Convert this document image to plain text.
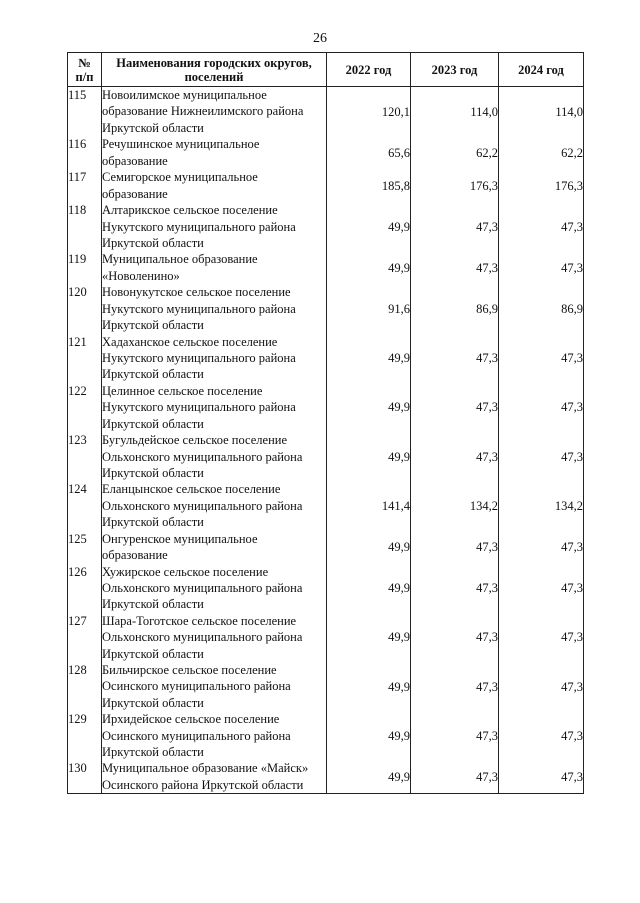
26
№
п/п	Наименования городских округов,
поселений	2022 год	2023 год	2024 год
115	Новоилимское муниципальное
образование Нижнеилимского района
Иркутской области	120,1	114,0	114,0
116	Речушинское муниципальное
образование	65,6	62,2	62,2
117	Семигорское муниципальное
образование	185,8	176,3	176,3
118	Алтарикское сельское поселение
Нукутского муниципального района
Иркутской области	49,9	47,3	47,3
119	Муниципальное образование
«Новоленино»	49,9	47,3	47,3
120	Новонукутское сельское поселение
Нукутского муниципального района
Иркутской области	91,6	86,9	86,9
121	Хадаханское сельское поселение
Нукутского муниципального района
Иркутской области	49,9	47,3	47,3
122	Целинное сельское поселение
Нукутского муниципального района
Иркутской области	49,9	47,3	47,3
123	Бугульдейское сельское поселение
Ольхонского муниципального района
Иркутской области	49,9	47,3	47,3
124	Еланцынское сельское поселение
Ольхонского муниципального района
Иркутской области	141,4	134,2	134,2
125	Онгуренское муниципальное
образование	49,9	47,3	47,3
126	Хужирское сельское поселение
Ольхонского муниципального района
Иркутской области	49,9	47,3	47,3
127	Шара-Тоготское сельское поселение
Ольхонского муниципального района
Иркутской области	49,9	47,3	47,3
128	Бильчирское сельское поселение
Осинского муниципального района
Иркутской области	49,9	47,3	47,3
129	Ирхидейское сельское поселение
Осинского муниципального района
Иркутской области	49,9	47,3	47,3
130	Муниципальное образование «Майск»
Осинского района Иркутской области	49,9	47,3	47,3
